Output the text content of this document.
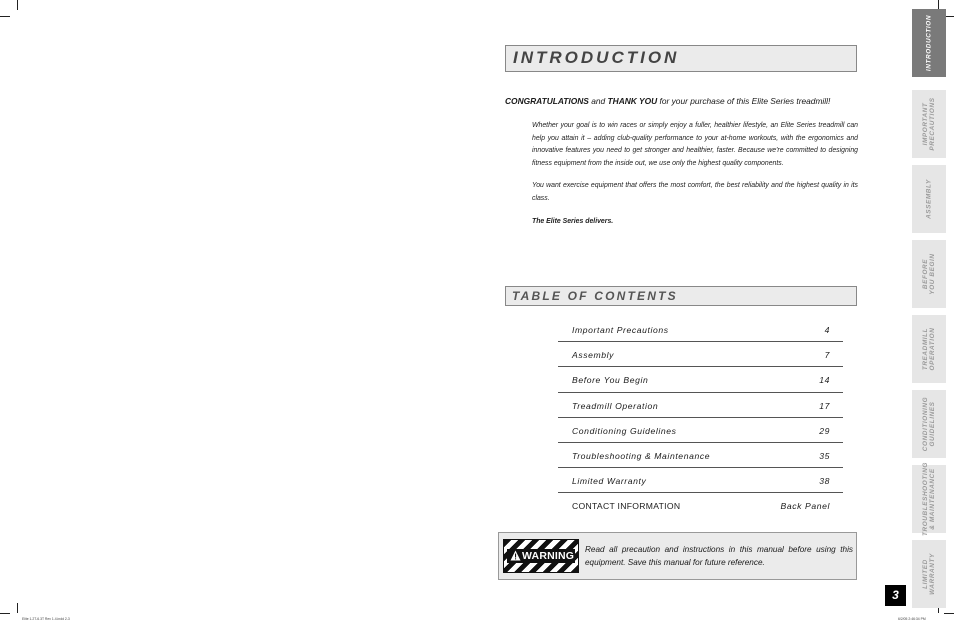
INTRODUCTION
CONGRATULATIONS and THANK YOU for your purchase of this Elite Series treadmill!

Whether your goal is to win races or simply enjoy a fuller, healthier lifestyle, an Elite Series treadmill can help you attain it – adding club-quality performance to your at-home workouts, with the ergonomics and innovative features you need to get stronger and healthier, faster. Because we're committed to designing fitness equipment from the inside out, we use only the highest quality components.

You want exercise equipment that offers the most comfort, the best reliability and the highest quality in its class.

The Elite Series delivers.

TABLE OF CONTENTS
Important Precautions	4
Assembly	7
Before You Begin	14
Treadmill Operation	17
Conditioning Guidelines	29
Troubleshooting & Maintenance	35
Limited Warranty	38
CONTACT INFORMATION	Back Panel
WARNING

Read all precaution and instructions in this manual before using this equipment. Save this manual for future reference.

INTRODUCTION
IMPORTANT
PRECAUTIONS
ASSEMBLY
BEFORE
YOU BEGIN
TREADMILL
OPERATION
CONDITIONING
GUIDELINES
TROUBLESHOOTING
& MAINTENANCE
LIMITED
WARRANTY
3
Elite 1.2T-6.3T Rev 1.4.indd 2-3	6/2/05 2:46:34 PM
